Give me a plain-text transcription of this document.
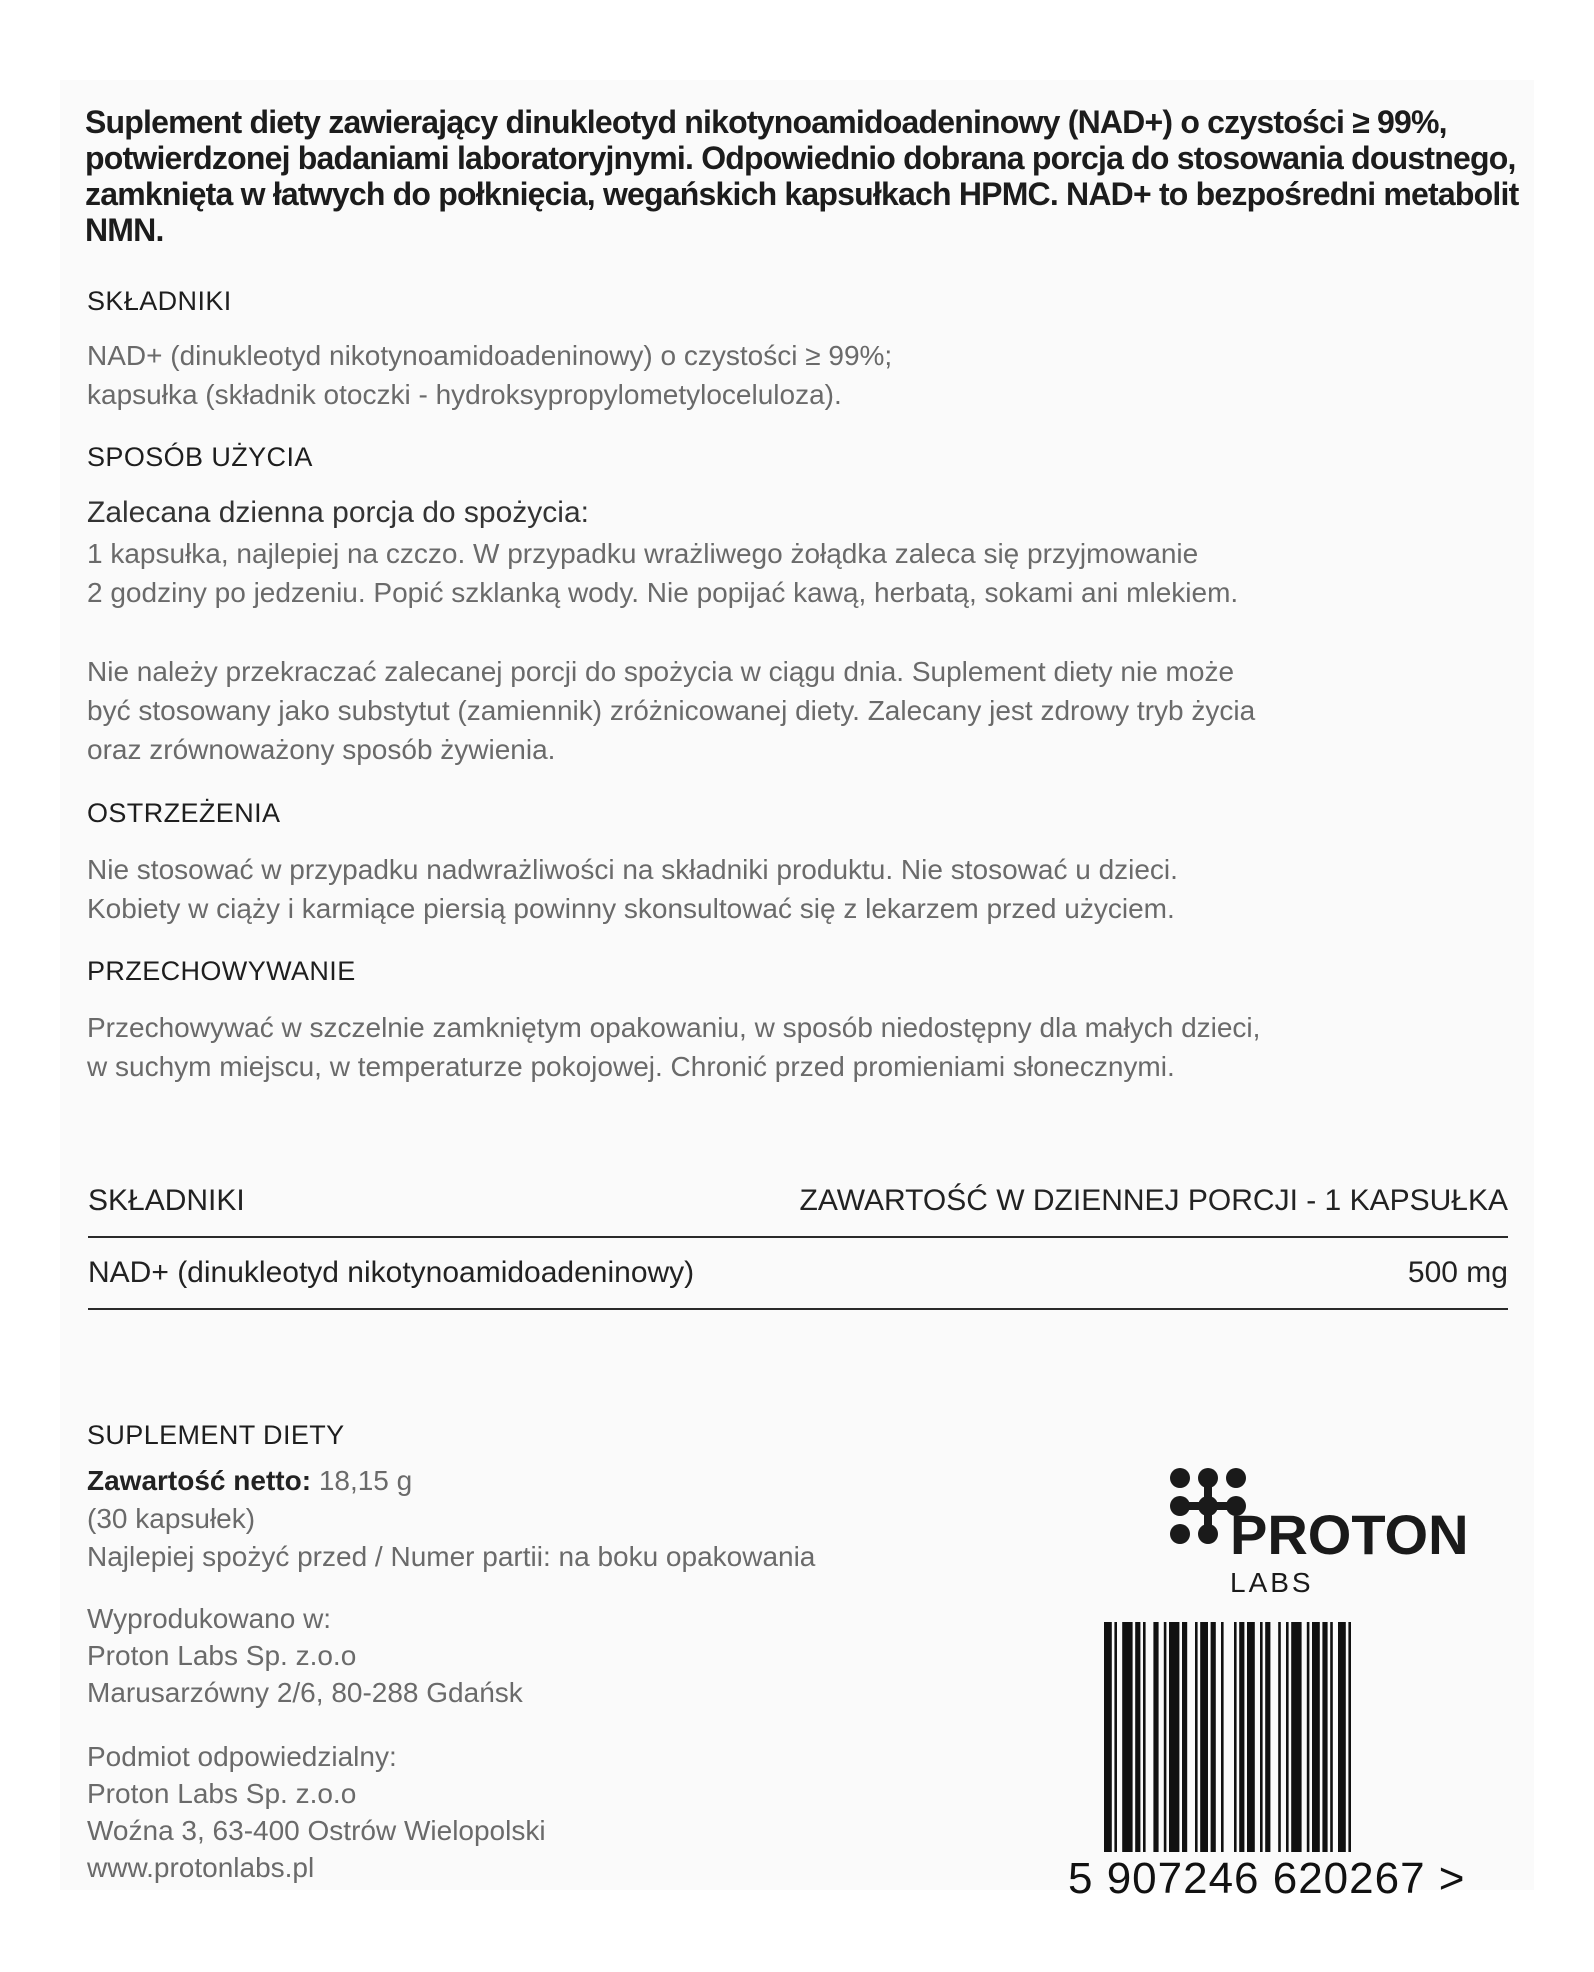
Suplement diety zawierający dinukleotyd nikotynoamidoadeninowy (NAD+) o czystości ≥ 99%, potwierdzonej badaniami laboratoryjnymi. Odpowiednio dobrana porcja do stosowania doustnego, zamknięta w łatwych do połknięcia, wegańskich kapsułkach HPMC. NAD+ to bezpośredni metabolit NMN.

SKŁADNIKI

NAD+ (dinukleotyd nikotynoamidoadeninowy) o czystości ≥ 99%;
kapsułka (składnik otoczki - hydroksypropylometyloceluloza).

SPOSÓB UŻYCIA

Zalecana dzienna porcja do spożycia:

1 kapsułka, najlepiej na czczo. W przypadku wrażliwego żołądka zaleca się przyjmowanie
2 godziny po jedzeniu. Popić szklanką wody. Nie popijać kawą, herbatą, sokami ani mlekiem.

Nie należy przekraczać zalecanej porcji do spożycia w ciągu dnia. Suplement diety nie może
być stosowany jako substytut (zamiennik) zróżnicowanej diety. Zalecany jest zdrowy tryb życia
oraz zrównoważony sposób żywienia.

OSTRZEŻENIA

Nie stosować w przypadku nadwrażliwości na składniki produktu. Nie stosować u dzieci.
Kobiety w ciąży i karmiące piersią powinny skonsultować się z lekarzem przed użyciem.

PRZECHOWYWANIE

Przechowywać w szczelnie zamkniętym opakowaniu, w sposób niedostępny dla małych dzieci,
w suchym miejscu, w temperaturze pokojowej. Chronić przed promieniami słonecznymi.

SKŁADNIKI	ZAWARTOŚĆ W DZIENNEJ PORCJI - 1 KAPSUŁKA
NAD+ (dinukleotyd nikotynoamidoadeninowy)	500 mg

SUPLEMENT DIETY

Zawartość netto: 18,15 g

(30 kapsułek)

Najlepiej spożyć przed / Numer partii: na boku opakowania

Wyprodukowano w:
Proton Labs Sp. z.o.o
Marusarzówny 2/6, 80-288 Gdańsk

Podmiot odpowiedzialny:
Proton Labs Sp. z.o.o
Woźna 3, 63-400 Ostrów Wielopolski
www.protonlabs.pl

PROTON
LABS
5 907246 620267 >
